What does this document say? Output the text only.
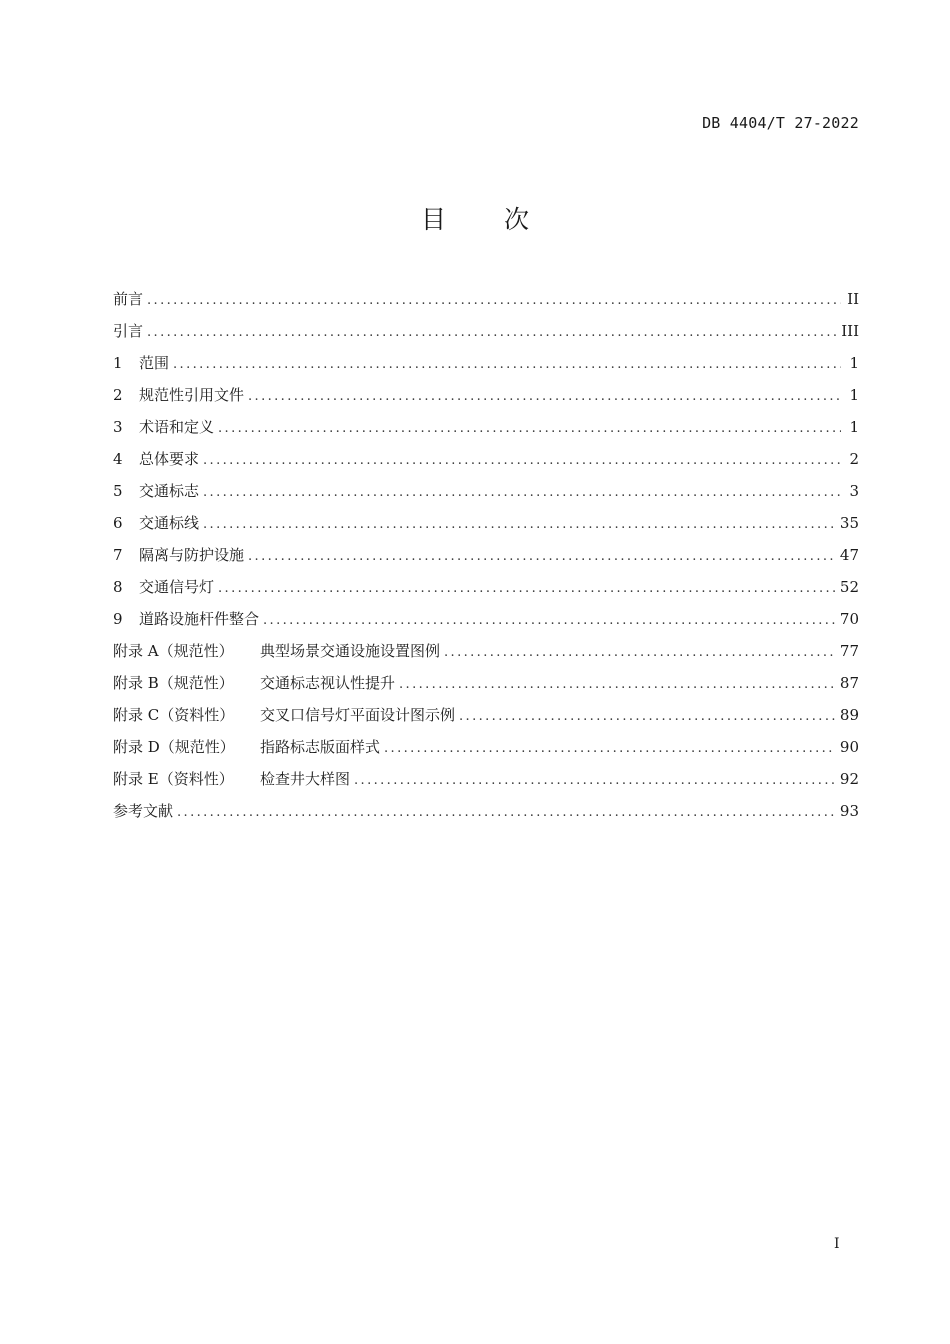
DB 4404/T 27-2022
目 次
前言 .....	II
引言 .....	III
1	范围 .....	1
2	规范性引用文件 .....	1
3	术语和定义 .....	1
4	总体要求 .....	2
5	交通标志 .....	3
6	交通标线 .....	35
7	隔离与防护设施 .....	47
8	交通信号灯 .....	52
9	道路设施杆件整合 .....	70
附录 A（规范性）	典型场景交通设施设置图例 .....	77
附录 B（规范性）	交通标志视认性提升 .....	87
附录 C（资料性）	交叉口信号灯平面设计图示例 .....	89
附录 D（规范性）	指路标志版面样式 .....	90
附录 E（资料性）	检查井大样图 .....	92
参考文献 .....	93
I
